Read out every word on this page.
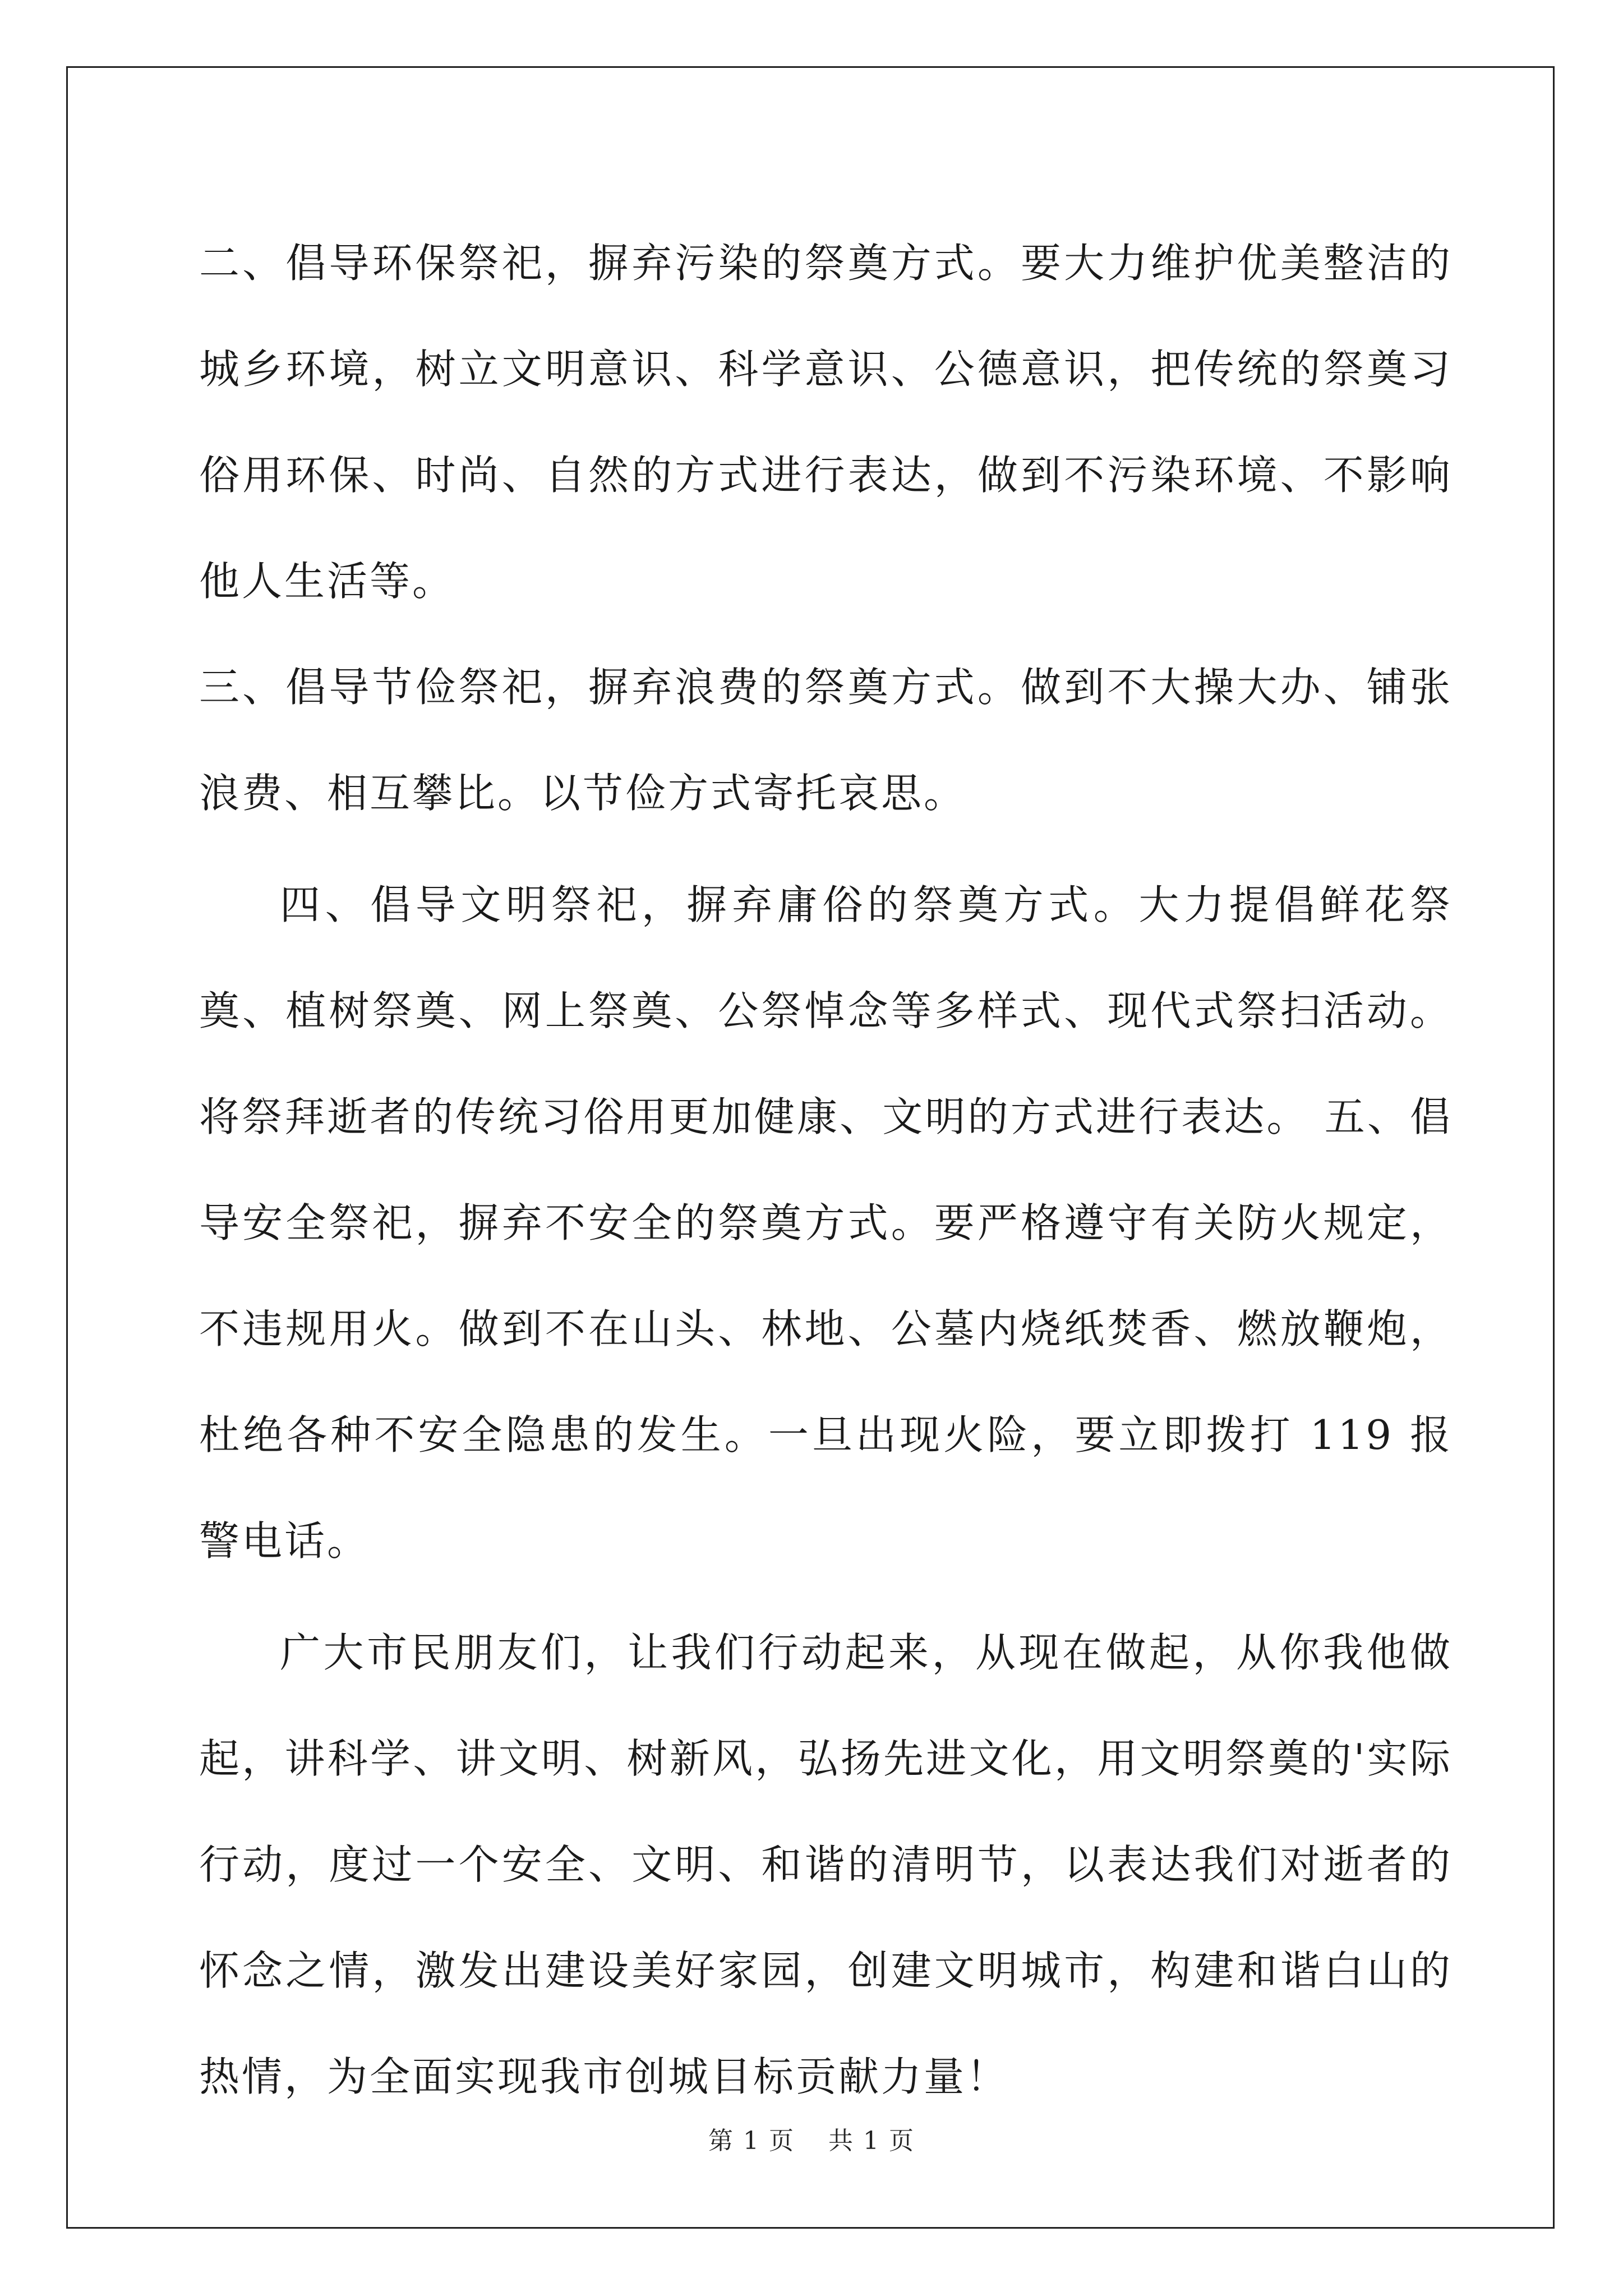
二、倡导环保祭祀，摒弃污染的祭奠方式。要大力维护优美整洁的城乡环境，树立文明意识、科学意识、公德意识，把传统的祭奠习俗用环保、时尚、自然的方式进行表达，做到不污染环境、不影响他人生活等。

三、倡导节俭祭祀，摒弃浪费的祭奠方式。做到不大操大办、铺张浪费、相互攀比。以节俭方式寄托哀思。

四、倡导文明祭祀，摒弃庸俗的祭奠方式。大力提倡鲜花祭奠、植树祭奠、网上祭奠、公祭悼念等多样式、现代式祭扫活动。将祭拜逝者的传统习俗用更加健康、文明的方式进行表达。 五、倡导安全祭祀，摒弃不安全的祭奠方式。要严格遵守有关防火规定，不违规用火。做到不在山头、林地、公墓内烧纸焚香、燃放鞭炮，杜绝各种不安全隐患的发生。一旦出现火险，要立即拨打 119 报警电话。

广大市民朋友们，让我们行动起来，从现在做起，从你我他做起，讲科学、讲文明、树新风，弘扬先进文化，用文明祭奠的'实际行动，度过一个安全、文明、和谐的清明节，以表达我们对逝者的怀念之情，激发出建设美好家园，创建文明城市，构建和谐白山的热情，为全面实现我市创城目标贡献力量！

第 1 页 共 1 页
